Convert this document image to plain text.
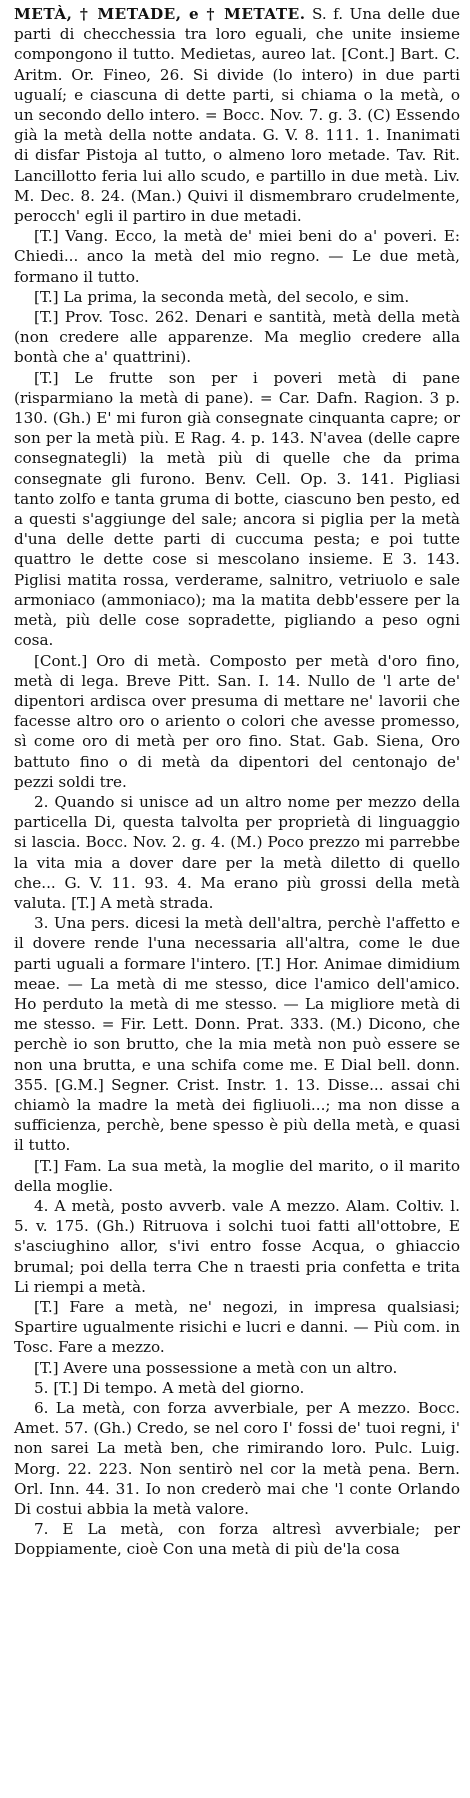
METÀ, † METADE, e † METATE. S. f. Una delle due parti di checchessia tra loro eguali, che unite insieme compongono il tutto. Medietas, aureo lat. [Cont.] Bart. C. Aritm. Or. Fineo, 26. Si divide (lo intero) in due parti ugualí; e ciascuna di dette parti, si chiama o la metà, o un secondo dello intero. = Bocc. Nov. 7. g. 3. (C) Essendo già la metà della notte andata. G. V. 8. 111. 1. Inanimati di disfar Pistoja al tutto, o almeno loro metade. Tav. Rit. Lancillotto feria lui allo scudo, e partillo in due metà. Liv. M. Dec. 8. 24. (Man.) Quivi il dismembraro crudelmente, perocch' egli il partiro in due metadi.

[T.] Vang. Ecco, la metà de' miei beni do a' poveri. E: Chiedi... anco la metà del mio regno. — Le due metà, formano il tutto.

[T.] La prima, la seconda metà, del secolo, e sim.

[T.] Prov. Tosc. 262. Denari e santità, metà della metà (non credere alle apparenze. Ma meglio credere alla bontà che a' quattrini).

[T.] Le frutte son per i poveri metà di pane (risparmiano la metà di pane). = Car. Dafn. Ragion. 3 p. 130. (Gh.) E' mi furon già consegnate cinquanta capre; or son per la metà più. E Rag. 4. p. 143. N'avea (delle capre consegnategli) la metà più di quelle che da prima consegnate gli furono. Benv. Cell. Op. 3. 141. Pigliasi tanto zolfo e tanta gruma di botte, ciascuno ben pesto, ed a questi s'aggiunge del sale; ancora si piglia per la metà d'una delle dette parti di cuccuma pesta; e poi tutte quattro le dette cose si mescolano insieme. E 3. 143. Piglisi matita rossa, verderame, salnitro, vetriuolo e sale armoniaco (ammoniaco); ma la matita debb'essere per la metà, più delle cose sopradette, pigliando a peso ogni cosa.

[Cont.] Oro di metà. Composto per metà d'oro fino, metà di lega. Breve Pitt. San. I. 14. Nullo de 'l arte de' dipentori ardisca over presuma di mettare ne' lavorii che facesse altro oro o ariento o colori che avesse promesso, sì come oro di metà per oro fino. Stat. Gab. Siena, Oro battuto fino o di metà da dipentori del centonajo de' pezzi soldi tre.

2. Quando si unisce ad un altro nome per mezzo della particella Di, questa talvolta per proprietà di linguaggio si lascia. Bocc. Nov. 2. g. 4. (M.) Poco prezzo mi parrebbe la vita mia a dover dare per la metà diletto di quello che... G. V. 11. 93. 4. Ma erano più grossi della metà valuta. [T.] A metà strada.

3. Una pers. dicesi la metà dell'altra, perchè l'affetto e il dovere rende l'una necessaria all'altra, come le due parti uguali a formare l'intero. [T.] Hor. Animae dimidium meae. — La metà di me stesso, dice l'amico dell'amico. Ho perduto la metà di me stesso. — La migliore metà di me stesso. = Fir. Lett. Donn. Prat. 333. (M.) Dicono, che perchè io son brutto, che la mia metà non può essere se non una brutta, e una schifa come me. E Dial bell. donn. 355. [G.M.] Segner. Crist. Instr. 1. 13. Disse... assai chi chiamò la madre la metà dei figliuoli...; ma non disse a sufficienza, perchè, bene spesso è più della metà, e quasi il tutto.

[T.] Fam. La sua metà, la moglie del marito, o il marito della moglie.

4. A metà, posto avverb. vale A mezzo. Alam. Coltiv. l. 5. v. 175. (Gh.) Ritruova i solchi tuoi fatti all'ottobre, E s'asciughino allor, s'ivi entro fosse Acqua, o ghiaccio brumal; poi della terra Che n traesti pria confetta e trita Li riempi a metà.

[T.] Fare a metà, ne' negozi, in impresa qualsiasi; Spartire ugualmente risichi e lucri e danni. — Più com. in Tosc. Fare a mezzo.

[T.] Avere una possessione a metà con un altro.

5. [T.] Di tempo. A metà del giorno.

6. La metà, con forza avverbiale, per A mezzo. Bocc. Amet. 57. (Gh.) Credo, se nel coro I' fossi de' tuoi regni, i' non sarei La metà ben, che rimirando loro. Pulc. Luig. Morg. 22. 223. Non sentirò nel cor la metà pena. Bern. Orl. Inn. 44. 31. Io non crederò mai che 'l conte Orlando Di costui abbia la metà valore.

7. E La metà, con forza altresì avverbiale; per Doppiamente, cioè Con una metà di più de'la cosa
